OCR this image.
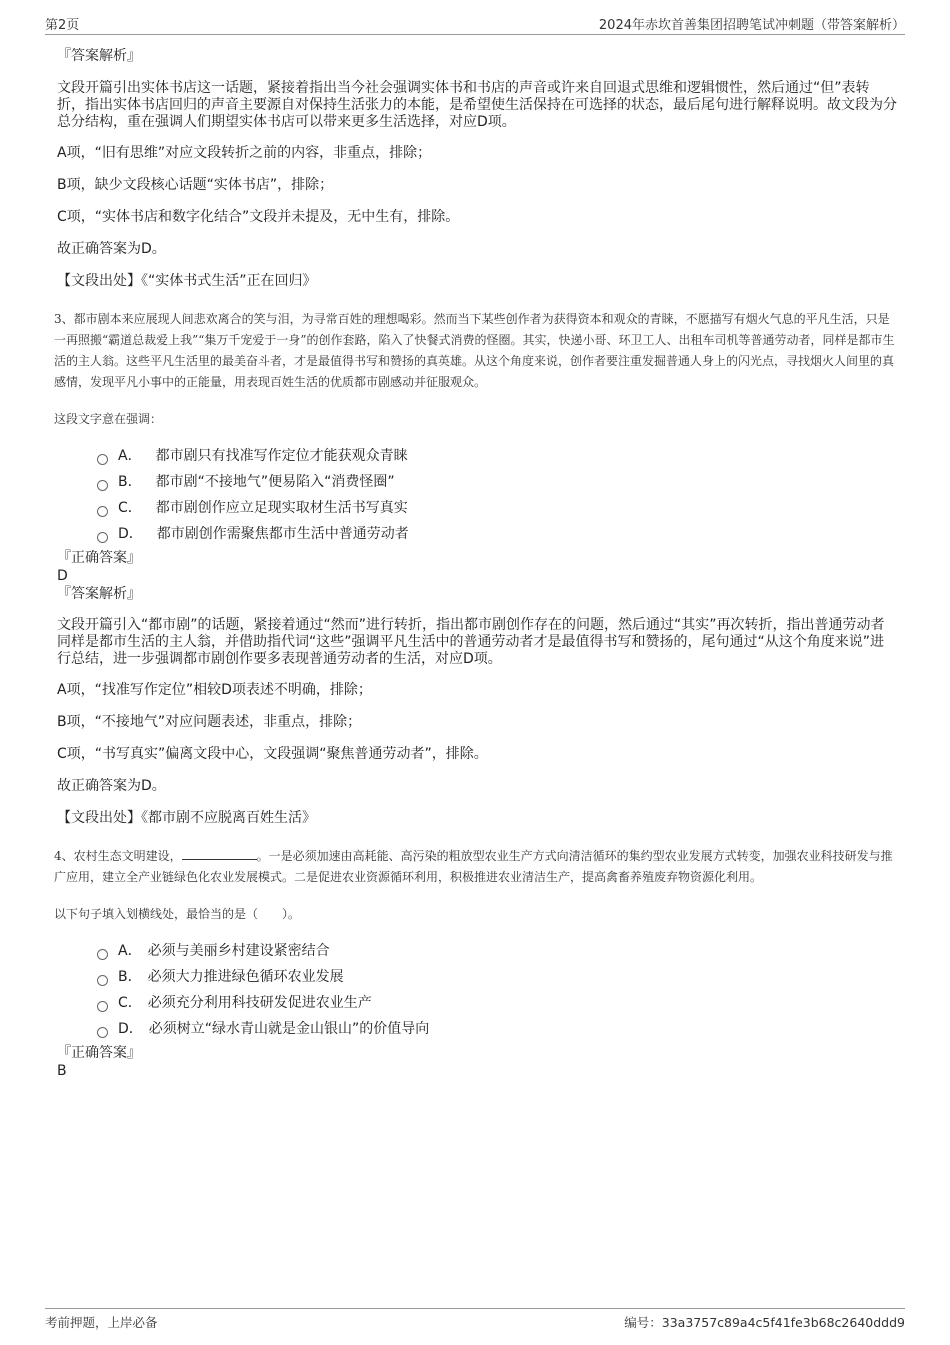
第2页	2024年赤坎首善集团招聘笔试冲刺题（带答案解析）

『答案解析』

文段开篇引出实体书店这一话题，紧接着指出当今社会强调实体书和书店的声音或许来自回退式思维和逻辑惯性，然后通过“但”表转折，指出实体书店回归的声音主要源自对保持生活张力的本能，是希望使生活保持在可选择的状态，最后尾句进行解释说明。故文段为分总分结构，重在强调人们期望实体书店可以带来更多生活选择，对应D项。

A项，“旧有思维”对应文段转折之前的内容，非重点，排除；

B项，缺少文段核心话题“实体书店”，排除；

C项，“实体书店和数字化结合”文段并未提及，无中生有，排除。

故正确答案为D。

【文段出处】《“实体书式生活”正在回归》

3、都市剧本来应展现人间悲欢离合的笑与泪，为寻常百姓的理想喝彩。然而当下某些创作者为获得资本和观众的青睐，不愿描写有烟火气息的平凡生活，只是一再照搬“霸道总裁爱上我”“集万千宠爱于一身”的创作套路，陷入了快餐式消费的怪圈。其实，快递小哥、环卫工人、出租车司机等普通劳动者，同样是都市生活的主人翁。这些平凡生活里的最美奋斗者，才是最值得书写和赞扬的真英雄。从这个角度来说，创作者要注重发掘普通人身上的闪光点，寻找烟火人间里的真感情，发现平凡小事中的正能量，用表现百姓生活的优质都市剧感动并征服观众。

这段文字意在强调：

A． 都市剧只有找准写作定位才能获观众青睐
B． 都市剧“不接地气”便易陷入“消费怪圈”
C． 都市剧创作应立足现实取材生活书写真实
D． 都市剧创作需聚焦都市生活中普通劳动者

『正确答案』

D

『答案解析』

文段开篇引入“都市剧”的话题，紧接着通过“然而”进行转折，指出都市剧创作存在的问题，然后通过“其实”再次转折，指出普通劳动者同样是都市生活的主人翁，并借助指代词“这些”强调平凡生活中的普通劳动者才是最值得书写和赞扬的，尾句通过“从这个角度来说”进行总结，进一步强调都市剧创作要多表现普通劳动者的生活，对应D项。

A项，“找准写作定位”相较D项表述不明确，排除；

B项，“不接地气”对应问题表述，非重点，排除；

C项，“书写真实”偏离文段中心，文段强调“聚焦普通劳动者”，排除。

故正确答案为D。

【文段出处】《都市剧不应脱离百姓生活》

4、农村生态文明建设，	。一是必须加速由高耗能、高污染的粗放型农业生产方式向清洁循环的集约型农业发展方式转变，加强农业科技研发与推广应用，建立全产业链绿色化农业发展模式。二是促进农业资源循环利用，积极推进农业清洁生产，提高禽畜养殖废弃物资源化利用。

以下句子填入划横线处，最恰当的是（　　）。

A． 必须与美丽乡村建设紧密结合
B． 必须大力推进绿色循环农业发展
C． 必须充分利用科技研发促进农业生产
D． 必须树立“绿水青山就是金山银山”的价值导向

『正确答案』

B

考前押题，上岸必备	编号：33a3757c89a4c5f41fe3b68c2640ddd9
